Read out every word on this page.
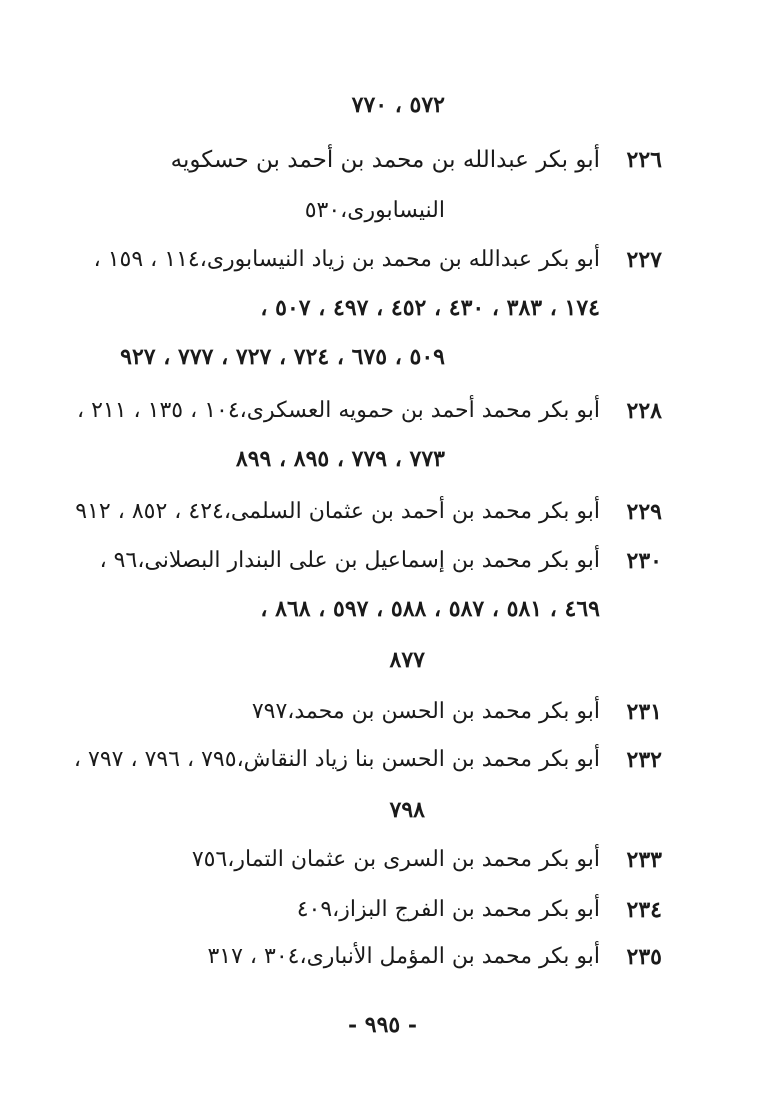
٥٧٢ ، ٧٧٠
٢٢٦
أبو بكر عبدالله بن محمد بن أحمد بن حسكويه
النيسابورى،٥٣٠
٢٢٧
أبو بكر عبدالله بن محمد بن زياد النيسابورى،١١٤ ، ١٥٩ ،
١٧٤ ، ٣٨٣ ، ٤٣٠ ، ٤٥٢ ، ٤٩٧ ، ٥٠٧ ،
٥٠٩ ، ٦٧٥ ، ٧٢٤ ، ٧٢٧ ، ٧٧٧ ، ٩٢٧
٢٢٨
أبو بكر محمد أحمد بن حمويه العسكرى،١٠٤ ، ١٣٥ ، ٢١١ ،
٧٧٣ ، ٧٧٩ ، ٨٩٥ ، ٨٩٩
٢٢٩
أبو بكر محمد بن أحمد بن عثمان السلمى،٤٢٤ ، ٨٥٢ ، ٩١٢
٢٣٠
أبو بكر محمد بن إسماعيل بن على البندار البصلانى،٩٦ ،
٤٦٩ ، ٥٨١ ، ٥٨٧ ، ٥٨٨ ، ٥٩٧ ، ٨٦٨ ،
٨٧٧
٢٣١
أبو بكر محمد بن الحسن بن محمد،٧٩٧
٢٣٢
أبو بكر محمد بن الحسن بنا زياد النقاش،٧٩٥ ، ٧٩٦ ، ٧٩٧ ،
٧٩٨
٢٣٣
أبو بكر محمد بن السرى بن عثمان التمار،٧٥٦
٢٣٤
أبو بكر محمد بن الفرج البزاز،٤٠٩
٢٣٥
أبو بكر محمد بن المؤمل الأنبارى،٣٠٤ ، ٣١٧
- ٩٩٥ -
